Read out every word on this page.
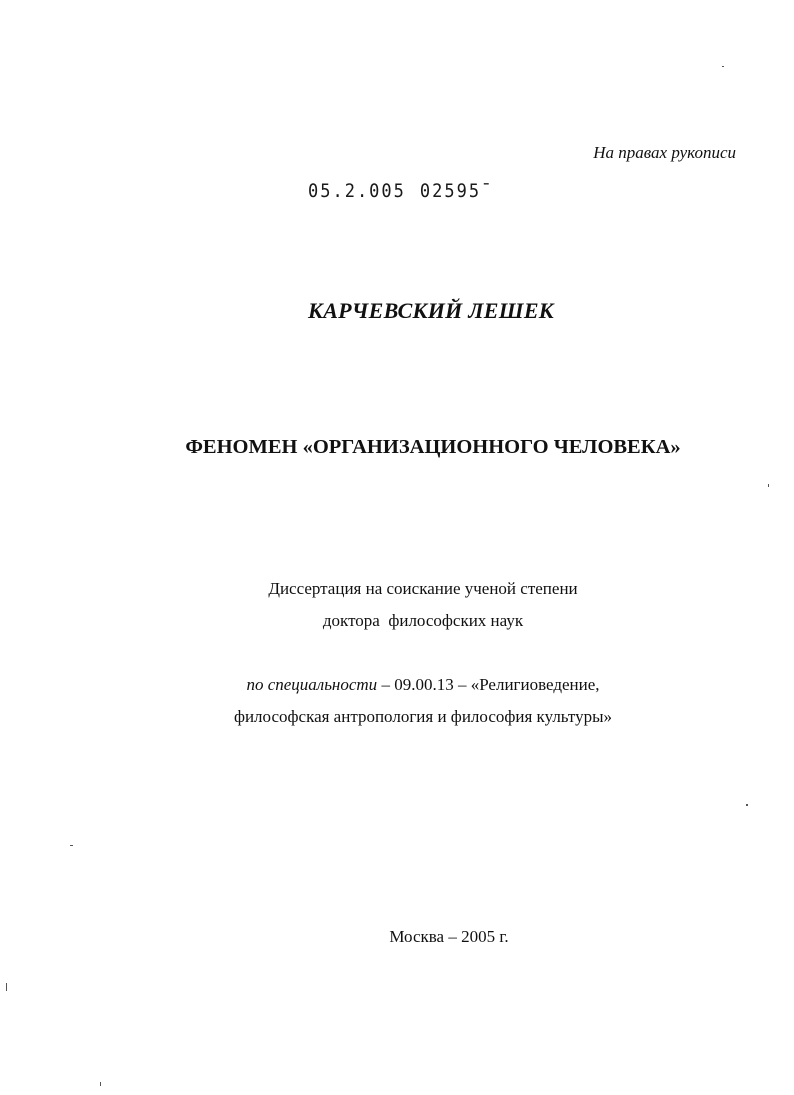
На правах рукописи
05.2.005 02595¯
КАРЧЕВСКИЙ ЛЕШЕК
ФЕНОМЕН «ОРГАНИЗАЦИОННОГО ЧЕЛОВЕКА»
Диссертация на соискание ученой степени
доктора  философских наук
по специальности – 09.00.13 – «Религиоведение,
философская антропология и философия культуры»
Москва – 2005 г.
